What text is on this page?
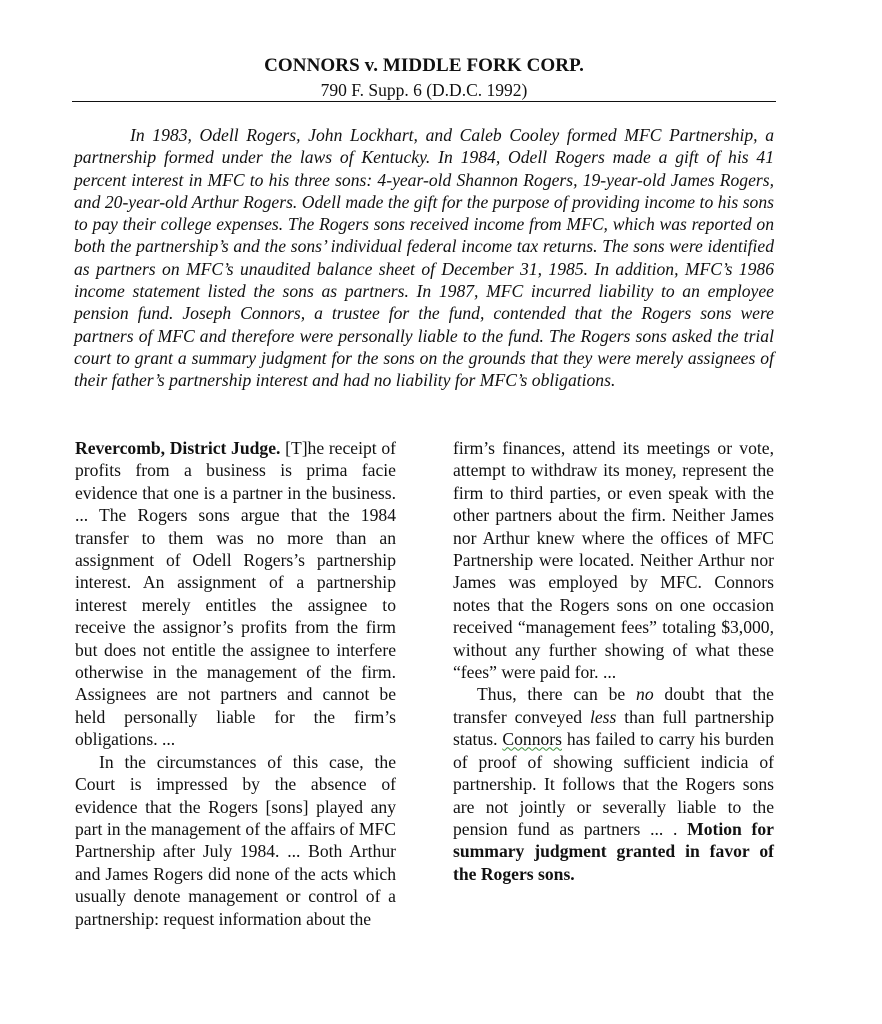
CONNORS v. MIDDLE FORK CORP.
790 F. Supp. 6 (D.D.C. 1992)

In 1983, Odell Rogers, John Lockhart, and Caleb Cooley formed MFC Partnership, a partnership formed under the laws of Kentucky. In 1984, Odell Rogers made a gift of his 41 percent interest in MFC to his three sons: 4-year-old Shannon Rogers, 19-year-old James Rogers, and 20-year-old Arthur Rogers. Odell made the gift for the purpose of providing income to his sons to pay their college expenses. The Rogers sons received income from MFC, which was reported on both the partnership’s and the sons’ individual federal income tax returns. The sons were identified as partners on MFC’s unaudited balance sheet of December 31, 1985. In addition, MFC’s 1986 income statement listed the sons as partners. In 1987, MFC incurred liability to an employee pension fund. Joseph Connors, a trustee for the fund, contended that the Rogers sons were partners of MFC and therefore were personally liable to the fund. The Rogers sons asked the trial court to grant a summary judgment for the sons on the grounds that they were merely assignees of their father’s partnership interest and had no liability for MFC’s obligations.

Revercomb, District Judge. [T]he receipt of profits from a business is prima facie evidence that one is a partner in the business. ... The Rogers sons argue that the 1984 transfer to them was no more than an assignment of Odell Rogers’s partnership interest. An assignment of a partnership interest merely entitles the assignee to receive the assignor’s profits from the firm but does not entitle the assignee to interfere otherwise in the management of the firm. Assignees are not partners and cannot be held personally liable for the firm’s obligations. ...

In the circumstances of this case, the Court is impressed by the absence of evidence that the Rogers [sons] played any part in the management of the affairs of MFC Partnership after July 1984. ... Both Arthur and James Rogers did none of the acts which usually denote management or control of a partnership: request information about the

firm’s finances, attend its meetings or vote, attempt to withdraw its money, represent the firm to third parties, or even speak with the other partners about the firm. Neither James nor Arthur knew where the offices of MFC Partnership were located. Neither Arthur nor James was employed by MFC. Connors notes that the Rogers sons on one occasion received “management fees” totaling $3,000, without any further showing of what these “fees” were paid for. ...

Thus, there can be no doubt that the transfer conveyed less than full partnership status. Connors has failed to carry his burden of proof of showing sufficient indicia of partnership. It follows that the Rogers sons are not jointly or severally liable to the pension fund as partners ... . Motion for summary judgment granted in favor of the Rogers sons.
